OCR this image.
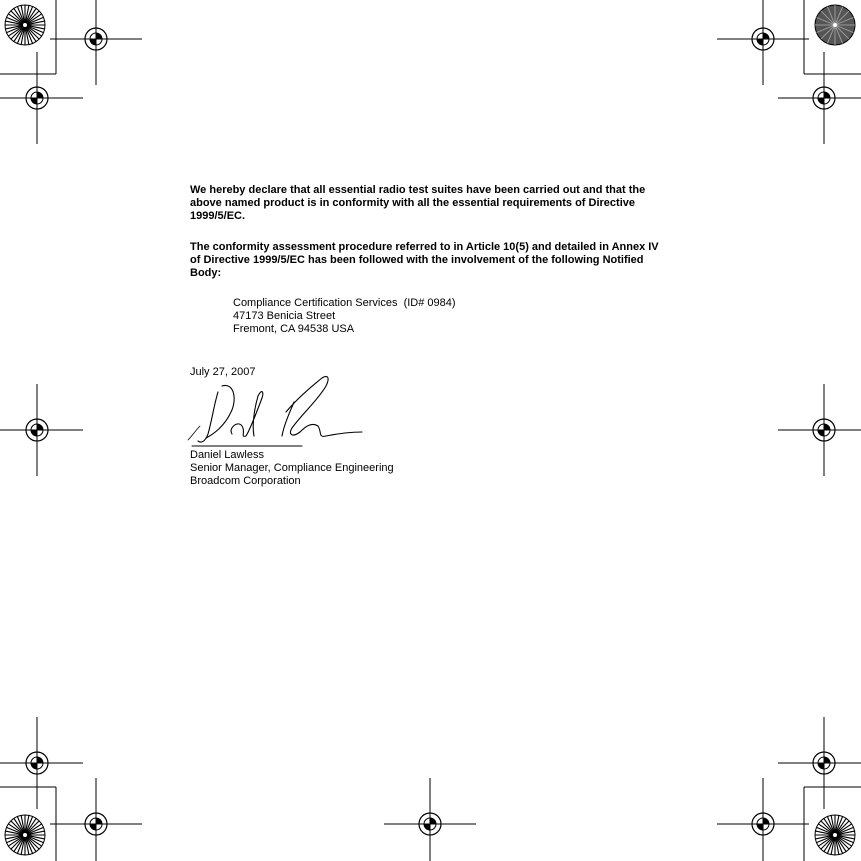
We hereby declare that all essential radio test suites have been carried out and that the
above named product is in conformity with all the essential requirements of Directive
1999/5/EC.

The conformity assessment procedure referred to in Article 10(5) and detailed in Annex IV
of Directive 1999/5/EC has been followed with the involvement of the following Notified
Body:

Compliance Certification Services  (ID# 0984)
47173 Benicia Street
Fremont, CA 94538 USA

July 27, 2007

Daniel Lawless
Senior Manager, Compliance Engineering
Broadcom Corporation
